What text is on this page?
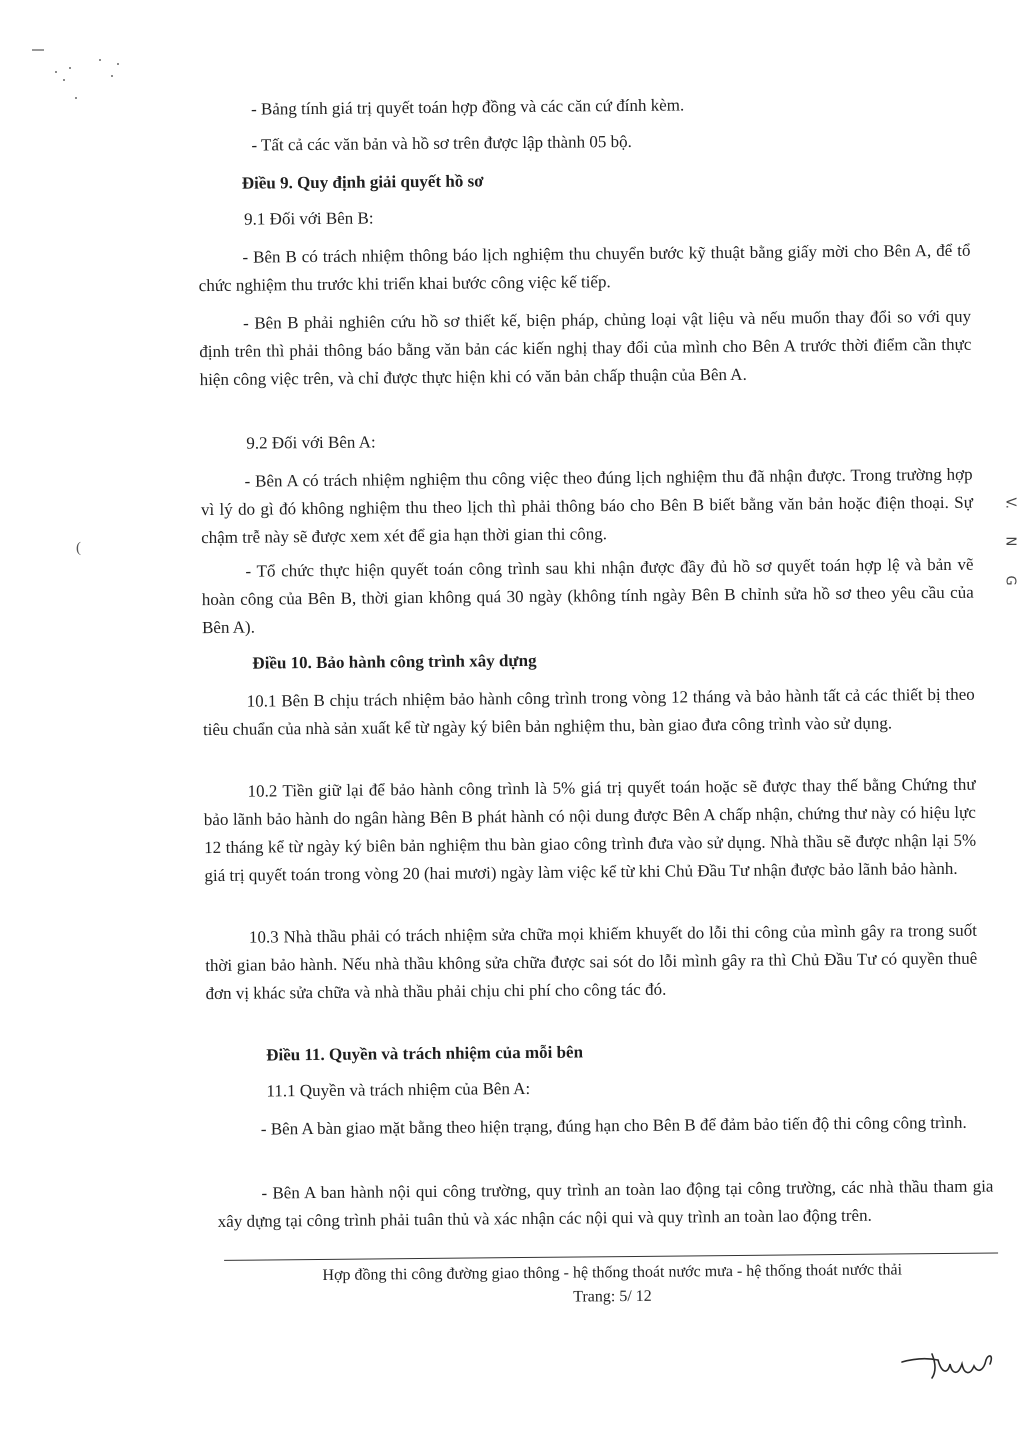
- Bảng tính giá trị quyết toán hợp đồng và các căn cứ đính kèm.

- Tất cả các văn bản và hồ sơ trên được lập thành 05 bộ.

Điều 9. Quy định giải quyết hồ sơ

9.1 Đối với Bên B:

- Bên B có trách nhiệm thông báo lịch nghiệm thu chuyển bước kỹ thuật bằng giấy mời cho Bên A, để tổ chức nghiệm thu trước khi triển khai bước công việc kế tiếp.

- Bên B phải nghiên cứu hồ sơ thiết kế, biện pháp, chủng loại vật liệu và nếu muốn thay đổi so với quy định trên thì phải thông báo bằng văn bản các kiến nghị thay đổi của mình cho Bên A trước thời điểm cần thực hiện công việc trên, và chỉ được thực hiện khi có văn bản chấp thuận của Bên A.

9.2 Đối với Bên A:

- Bên A có trách nhiệm nghiệm thu công việc theo đúng lịch nghiệm thu đã nhận được. Trong trường hợp vì lý do gì đó không nghiệm thu theo lịch thì phải thông báo cho Bên B biết bằng văn bản hoặc điện thoại. Sự chậm trễ này sẽ được xem xét để gia hạn thời gian thi công.

- Tổ chức thực hiện quyết toán công trình sau khi nhận được đầy đủ hồ sơ quyết toán hợp lệ và bản vẽ hoàn công của Bên B, thời gian không quá 30 ngày (không tính ngày Bên B chỉnh sửa hồ sơ theo yêu cầu của Bên A).

Điều 10. Bảo hành công trình xây dựng

10.1 Bên B chịu trách nhiệm bảo hành công trình trong vòng 12 tháng và bảo hành tất cả các thiết bị theo tiêu chuẩn của nhà sản xuất kể từ ngày ký biên bản nghiệm thu, bàn giao đưa công trình vào sử dụng.

10.2 Tiền giữ lại để bảo hành công trình là 5% giá trị quyết toán hoặc sẽ được thay thế bằng Chứng thư bảo lãnh bảo hành do ngân hàng Bên B phát hành có nội dung được Bên A chấp nhận, chứng thư này có hiệu lực 12 tháng kể từ ngày ký biên bản nghiệm thu bàn giao công trình đưa vào sử dụng. Nhà thầu sẽ được nhận lại 5% giá trị quyết toán trong vòng 20 (hai mươi) ngày làm việc kể từ khi Chủ Đầu Tư nhận được bảo lãnh bảo hành.

10.3 Nhà thầu phải có trách nhiệm sửa chữa mọi khiếm khuyết do lỗi thi công của mình gây ra trong suốt thời gian bảo hành. Nếu nhà thầu không sửa chữa được sai sót do lỗi mình gây ra thì Chủ Đầu Tư có quyền thuê đơn vị khác sửa chữa và nhà thầu phải chịu chi phí cho công tác đó.

Điều 11. Quyền và trách nhiệm của mỗi bên

11.1 Quyền và trách nhiệm của Bên A:

- Bên A bàn giao mặt bằng theo hiện trạng, đúng hạn cho Bên B để đảm bảo tiến độ thi công công trình.

- Bên A ban hành nội qui công trường, quy trình an toàn lao động tại công trường, các nhà thầu tham gia xây dựng tại công trình phải tuân thủ và xác nhận các nội qui và quy trình an toàn lao động trên.

Hợp đồng thi công đường giao thông - hệ thống thoát nước mưa - hệ thống thoát nước thải
Trang: 5/ 12
(
V.
N
G
